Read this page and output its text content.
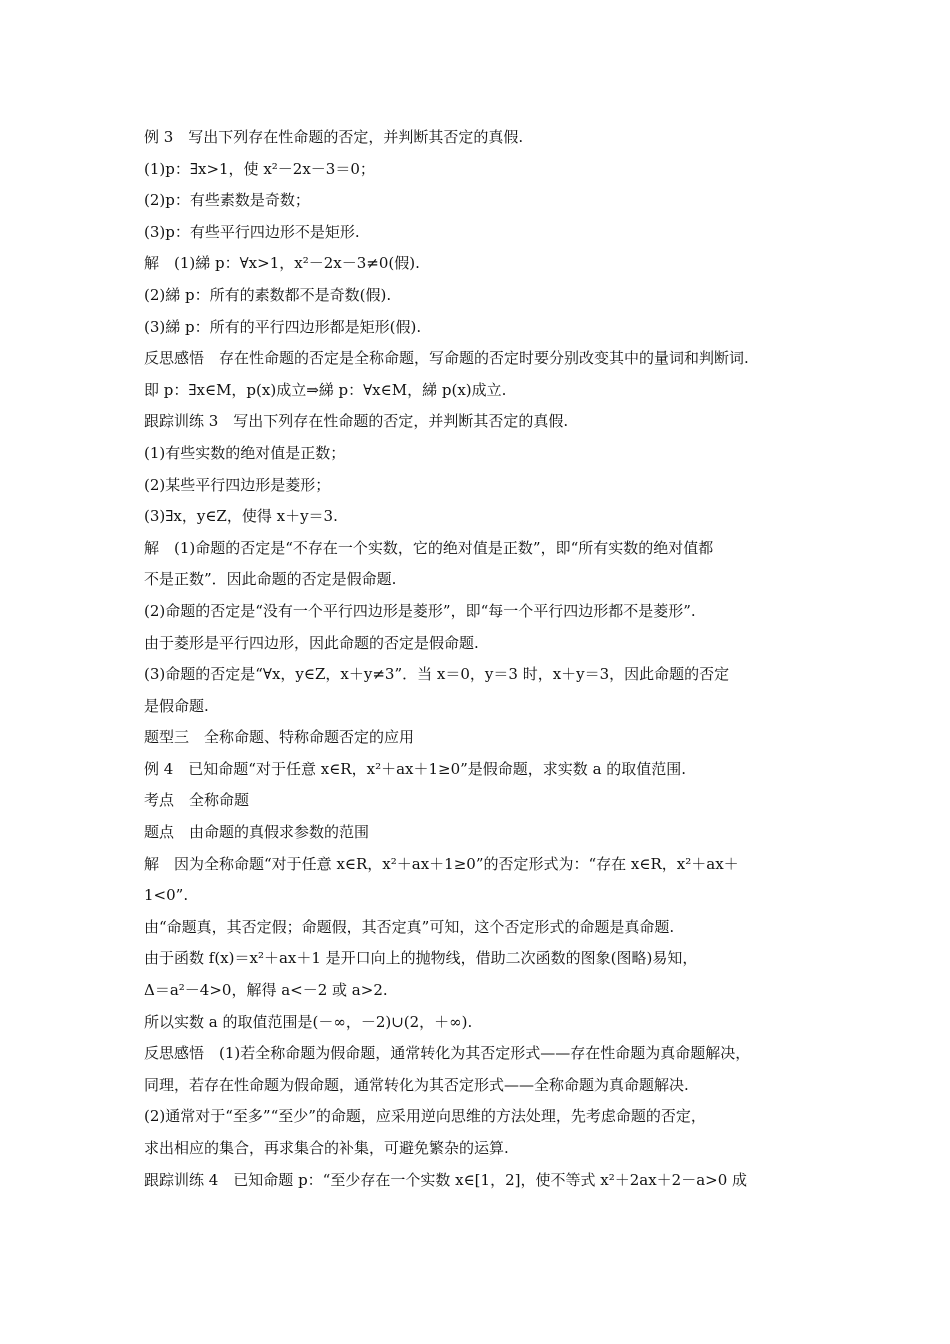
例 3　写出下列存在性命题的否定，并判断其否定的真假.
(1)p：∃x>1，使 x²－2x－3＝0；
(2)p：有些素数是奇数；
(3)p：有些平行四边形不是矩形.
解　(1)綈 p：∀x>1，x²－2x－3≠0(假).
(2)綈 p：所有的素数都不是奇数(假).
(3)綈 p：所有的平行四边形都是矩形(假).
反思感悟　存在性命题的否定是全称命题，写命题的否定时要分别改变其中的量词和判断词.
即 p：∃x∈M，p(x)成立⇒綈 p：∀x∈M，綈 p(x)成立.
跟踪训练 3　写出下列存在性命题的否定，并判断其否定的真假.
(1)有些实数的绝对值是正数；
(2)某些平行四边形是菱形；
(3)∃x，y∈Z，使得 x＋y＝3.
解　(1)命题的否定是“不存在一个实数，它的绝对值是正数”，即“所有实数的绝对值都
不是正数”．因此命题的否定是假命题.
(2)命题的否定是“没有一个平行四边形是菱形”，即“每一个平行四边形都不是菱形”.
由于菱形是平行四边形，因此命题的否定是假命题.
(3)命题的否定是“∀x，y∈Z，x＋y≠3”．当 x＝0，y＝3 时，x＋y＝3，因此命题的否定
是假命题.
题型三　全称命题、特称命题否定的应用
例 4　已知命题“对于任意 x∈R，x²＋ax＋1≥0”是假命题，求实数 a 的取值范围.
考点　全称命题
题点　由命题的真假求参数的范围
解　因为全称命题“对于任意 x∈R，x²＋ax＋1≥0”的否定形式为：“存在 x∈R，x²＋ax＋
1<0”.
由“命题真，其否定假；命题假，其否定真”可知，这个否定形式的命题是真命题.
由于函数 f(x)＝x²＋ax＋1 是开口向上的抛物线，借助二次函数的图象(图略)易知，
Δ＝a²－4>0，解得 a<－2 或 a>2.
所以实数 a 的取值范围是(－∞，－2)∪(2，＋∞).
反思感悟　(1)若全称命题为假命题，通常转化为其否定形式——存在性命题为真命题解决，
同理，若存在性命题为假命题，通常转化为其否定形式——全称命题为真命题解决.
(2)通常对于“至多”“至少”的命题，应采用逆向思维的方法处理，先考虑命题的否定，
求出相应的集合，再求集合的补集，可避免繁杂的运算.
跟踪训练 4　已知命题 p：“至少存在一个实数 x∈[1，2]，使不等式 x²＋2ax＋2－a>0 成
